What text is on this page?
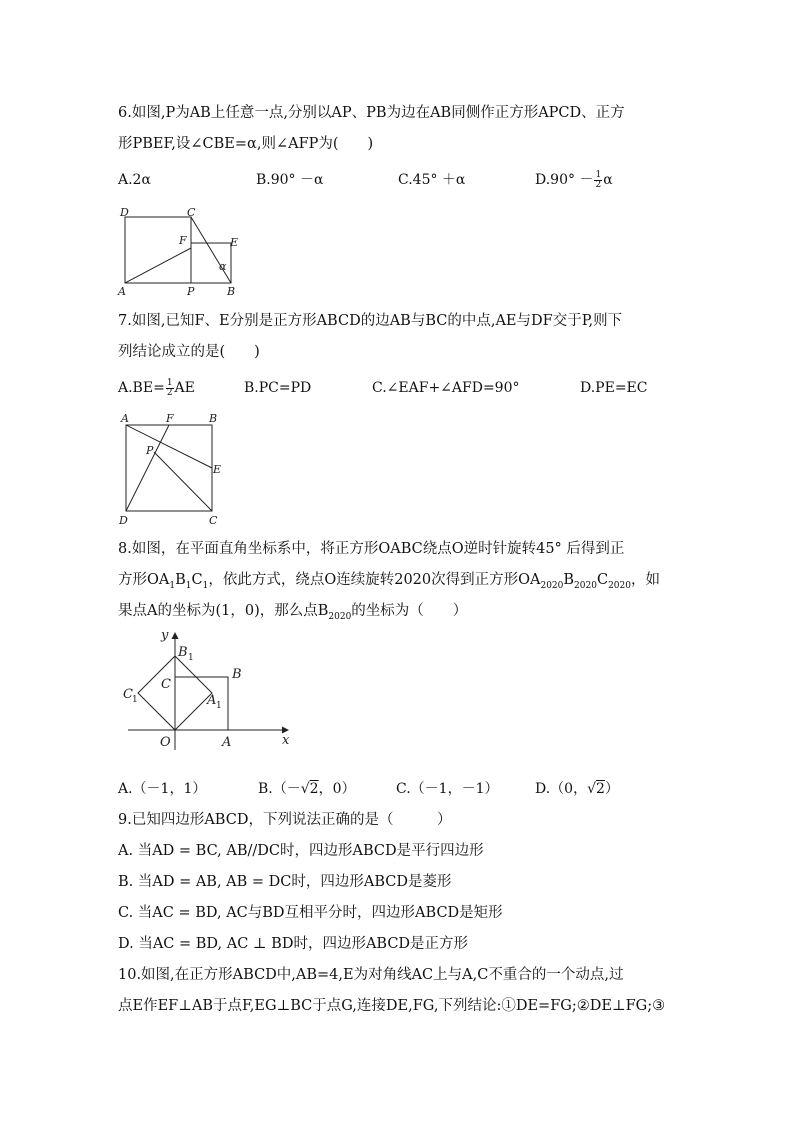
6.如图,P为AB上任意一点,分别以AP、PB为边在AB同侧作正方形APCD、正方
形PBEF,设∠CBE=α,则∠AFP为(　　)
A.2α	B.90° －α	C.45° ＋α	$D.90^\circ - \frac{1}{2}$ α
D	C
F	E
α
A	P	B
7.如图,已知F、E分别是正方形ABCD的边AB与BC的中点,AE与DF交于P,则下
列结论成立的是(　　)
$A.BE= \frac{1}{2}$ AE	B.PC=PD	C.∠EAF+∠AFD=90°	D.PE=EC
A	F	B
P
E
D	C
8.如图，在平面直角坐标系中，将正方形OABC绕点O逆时针旋转45° 后得到正
方形$OA_1B_1C_1$，依此方式，绕点O连续旋转2020次得到正方形$OA_{2020}B_{2020}C_{2020}$，如
果点A的坐标为(1，0)，那么点$B_{2020}$的坐标为（　　）
y
B 1
B
C
C 1	A 1
O	A	x
A.（－1，1）	B.（－√2，0）	C.（－1，－1）	D.（0，√2）
9.已知四边形ABCD，下列说法正确的是（　　　）
A. 当AD = BC, AB//DC时，四边形ABCD是平行四边形
B. 当AD = AB, AB = DC时，四边形ABCD是菱形
C. 当AC = BD, AC与BD互相平分时，四边形ABCD是矩形
D. 当AC = BD, AC ⊥ BD时，四边形ABCD是正方形
10.如图,在正方形ABCD中,AB=4,E为对角线AC上与A,C不重合的一个动点,过
点E作EF⊥AB于点F,EG⊥BC于点G,连接DE,FG,下列结论:①DE=FG;②DE⊥FG;③
